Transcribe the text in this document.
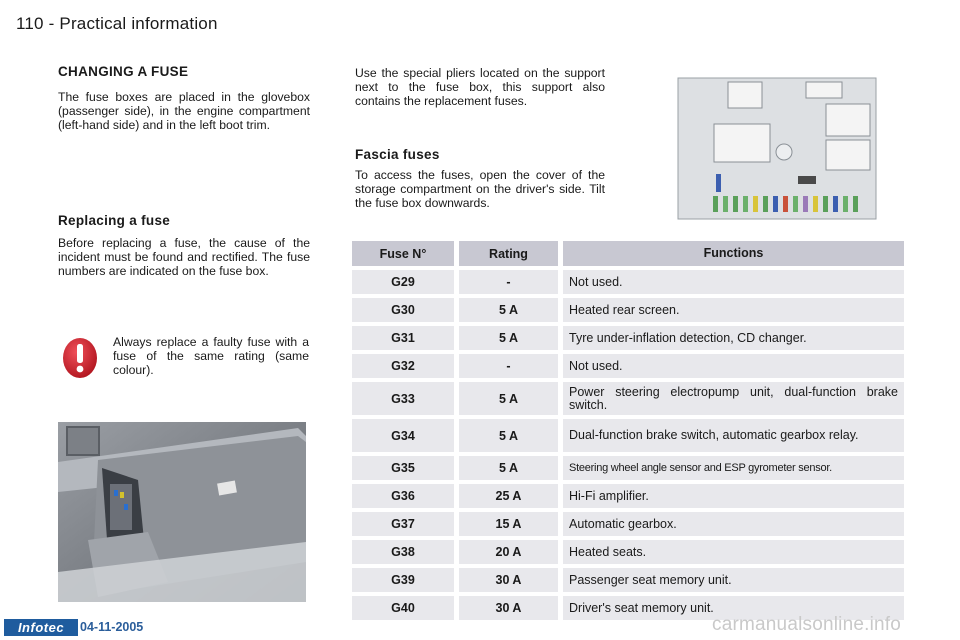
110 - Practical information
CHANGING A FUSE
The fuse boxes are placed in the glovebox (passenger side), in the engine compartment (left-hand side) and in the left boot trim.
Replacing a fuse
Before replacing a fuse, the cause of the incident must be found and rectified. The fuse numbers are indicated on the fuse box.
Always replace a faulty fuse with a fuse of the same rating (same colour).
Use the special pliers located on the support next to the fuse box, this support also contains the replacement fuses.
Fascia fuses
To access the fuses, open the cover of the storage compartment on the driver's side. Tilt the fuse box downwards.
Fuse N°	Rating	Functions
G29	-	Not used.
G30	5 A	Heated rear screen.
G31	5 A	Tyre under-inflation detection, CD changer.
G32	-	Not used.
G33	5 A	Power steering electropump unit, dual-function brake switch.
G34	5 A	Dual-function brake switch, automatic gearbox relay.
G35	5 A	Steering wheel angle sensor and ESP gyrometer sensor.
G36	25 A	Hi-Fi amplifier.
G37	15 A	Automatic gearbox.
G38	20 A	Heated seats.
G39	30 A	Passenger seat memory unit.
G40	30 A	Driver's seat memory unit.
Infotec	04-11-2005	carmanualsonline.info
